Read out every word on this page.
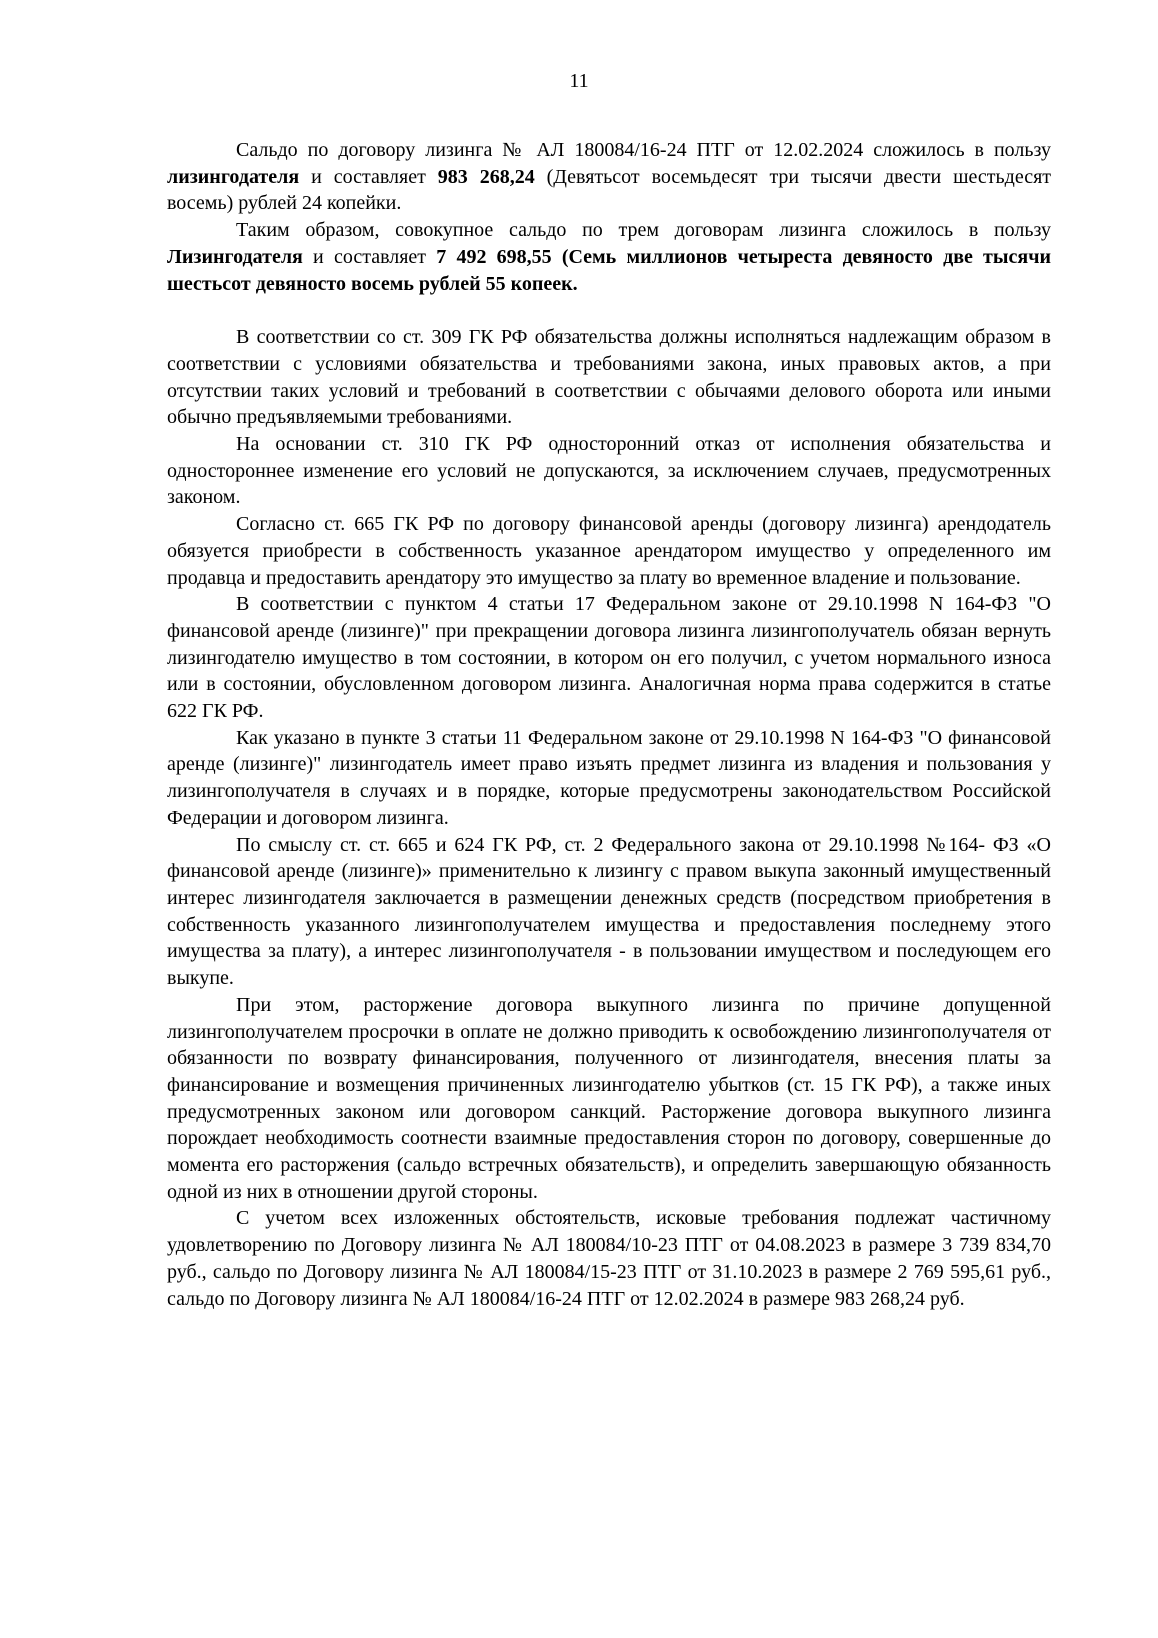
11

Сальдо по договору лизинга № АЛ 180084/16-24 ПТГ от 12.02.2024 сложилось в пользу лизингодателя и составляет 983 268,24 (Девятьсот восемьдесят три тысячи двести шестьдесят восемь) рублей 24 копейки.

Таким образом, совокупное сальдо по трем договорам лизинга сложилось в пользу Лизингодателя и составляет 7 492 698,55 (Семь миллионов четыреста девяносто две тысячи шестьсот девяносто восемь рублей 55 копеек.

В соответствии со ст. 309 ГК РФ обязательства должны исполняться надлежащим образом в соответствии с условиями обязательства и требованиями закона, иных правовых актов, а при отсутствии таких условий и требований в соответствии с обычаями делового оборота или иными обычно предъявляемыми требованиями.

На основании ст. 310 ГК РФ односторонний отказ от исполнения обязательства и одностороннее изменение его условий не допускаются, за исключением случаев, предусмотренных законом.

Согласно ст. 665 ГК РФ по договору финансовой аренды (договору лизинга) арендодатель обязуется приобрести в собственность указанное арендатором имущество у определенного им продавца и предоставить арендатору это имущество за плату во временное владение и пользование.

В соответствии с пунктом 4 статьи 17 Федеральном законе от 29.10.1998 N 164-ФЗ "О финансовой аренде (лизинге)" при прекращении договора лизинга лизингополучатель обязан вернуть лизингодателю имущество в том состоянии, в котором он его получил, с учетом нормального износа или в состоянии, обусловленном договором лизинга. Аналогичная норма права содержится в статье 622 ГК РФ.

Как указано в пункте 3 статьи 11 Федеральном законе от 29.10.1998 N 164-ФЗ "О финансовой аренде (лизинге)" лизингодатель имеет право изъять предмет лизинга из владения и пользования у лизингополучателя в случаях и в порядке, которые предусмотрены законодательством Российской Федерации и договором лизинга.

По смыслу ст. ст. 665 и 624 ГК РФ, ст. 2 Федерального закона от 29.10.1998 №164- ФЗ «О финансовой аренде (лизинге)» применительно к лизингу с правом выкупа законный имущественный интерес лизингодателя заключается в размещении денежных средств (посредством приобретения в собственность указанного лизингополучателем имущества и предоставления последнему этого имущества за плату), а интерес лизингополучателя - в пользовании имуществом и последующем его выкупе.

При этом, расторжение договора выкупного лизинга по причине допущенной лизингополучателем просрочки в оплате не должно приводить к освобождению лизингополучателя от обязанности по возврату финансирования, полученного от лизингодателя, внесения платы за финансирование и возмещения причиненных лизингодателю убытков (ст. 15 ГК РФ), а также иных предусмотренных законом или договором санкций. Расторжение договора выкупного лизинга порождает необходимость соотнести взаимные предоставления сторон по договору, совершенные до момента его расторжения (сальдо встречных обязательств), и определить завершающую обязанность одной из них в отношении другой стороны.

С учетом всех изложенных обстоятельств, исковые требования подлежат частичному удовлетворению по Договору лизинга № АЛ 180084/10-23 ПТГ от 04.08.2023 в размере 3 739 834,70 руб., сальдо по Договору лизинга № АЛ 180084/15-23 ПТГ от 31.10.2023 в размере 2 769 595,61 руб., сальдо по Договору лизинга № АЛ 180084/16-24 ПТГ от 12.02.2024 в размере 983 268,24 руб.
